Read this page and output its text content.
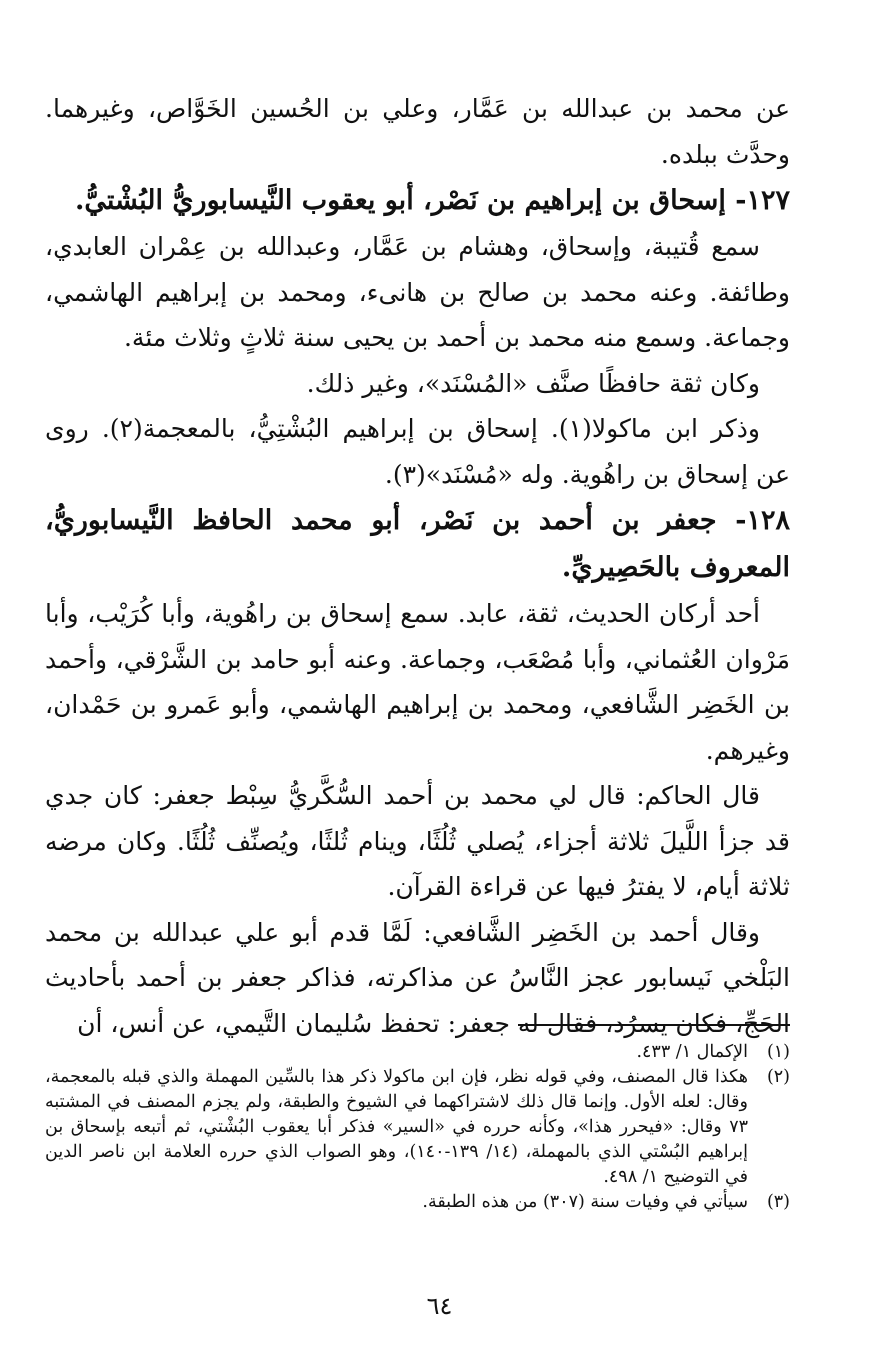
عن محمد بن عبدالله بن عَمَّار، وعلي بن الحُسين الخَوَّاص، وغيرهما. وحدَّث ببلده.

١٢٧- إسحاق بن إبراهيم بن نَصْر، أبو يعقوب النَّيسابوريُّ البُشْتيُّ.

سمع قُتيبة، وإسحاق، وهشام بن عَمَّار، وعبدالله بن عِمْران العابدي، وطائفة. وعنه محمد بن صالح بن هانىء، ومحمد بن إبراهيم الهاشمي، وجماعة. وسمع منه محمد بن أحمد بن يحيى سنة ثلاثٍ وثلاث مئة.

وكان ثقة حافظًا صنَّف «المُسْنَد»، وغير ذلك.

وذكر ابن ماكولا(١). إسحاق بن إبراهيم البُشْتِيُّ، بالمعجمة(٢). روى عن إسحاق بن راهُوية. وله «مُسْنَد»(٣).

١٢٨- جعفر بن أحمد بن نَصْر، أبو محمد الحافظ النَّيسابوريُّ، المعروف بالحَصِيريِّ.

أحد أركان الحديث، ثقة، عابد. سمع إسحاق بن راهُوية، وأبا كُرَيْب، وأبا مَرْوان العُثماني، وأبا مُصْعَب، وجماعة. وعنه أبو حامد بن الشَّرْقي، وأحمد بن الخَضِر الشَّافعي، ومحمد بن إبراهيم الهاشمي، وأبو عَمرو بن حَمْدان، وغيرهم.

قال الحاكم: قال لي محمد بن أحمد السُّكَّريُّ سِبْط جعفر: كان جدي قد جزأ اللَّيلَ ثلاثة أجزاء، يُصلي ثُلُثًا، وينام ثُلثًا، ويُصنِّف ثُلُثًا. وكان مرضه ثلاثة أيام، لا يفترُ فيها عن قراءة القرآن.

وقال أحمد بن الخَضِر الشَّافعي: لَمَّا قدم أبو علي عبدالله بن محمد البَلْخي نَيسابور عجز النَّاسُ عن مذاكرته، فذاكر جعفر بن أحمد بأحاديث الحَجِّ، فكان يسرُد، فقال له جعفر: تحفظ سُليمان التَّيمي، عن أنس، أن

(١)
الإكمال ١/ ٤٣٣.
(٢)
هكذا قال المصنف، وفي قوله نظر، فإن ابن ماكولا ذكر هذا بالسِّين المهملة والذي قبله بالمعجمة، وقال: لعله الأول. وإنما قال ذلك لاشتراكهما في الشيوخ والطبقة، ولم يجزم المصنف في المشتبه ٧٣ وقال: «فيحرر هذا»، وكأنه حرره في «السير» فذكر أبا يعقوب البُشْتي، ثم أتبعه بإسحاق بن إبراهيم البُسْتي الذي بالمهملة، (١٤/ ١٣٩-١٤٠)، وهو الصواب الذي حرره العلامة ابن ناصر الدين في التوضيح ١/ ٤٩٨.
(٣)
سيأتي في وفيات سنة (٣٠٧) من هذه الطبقة.
٦٤
